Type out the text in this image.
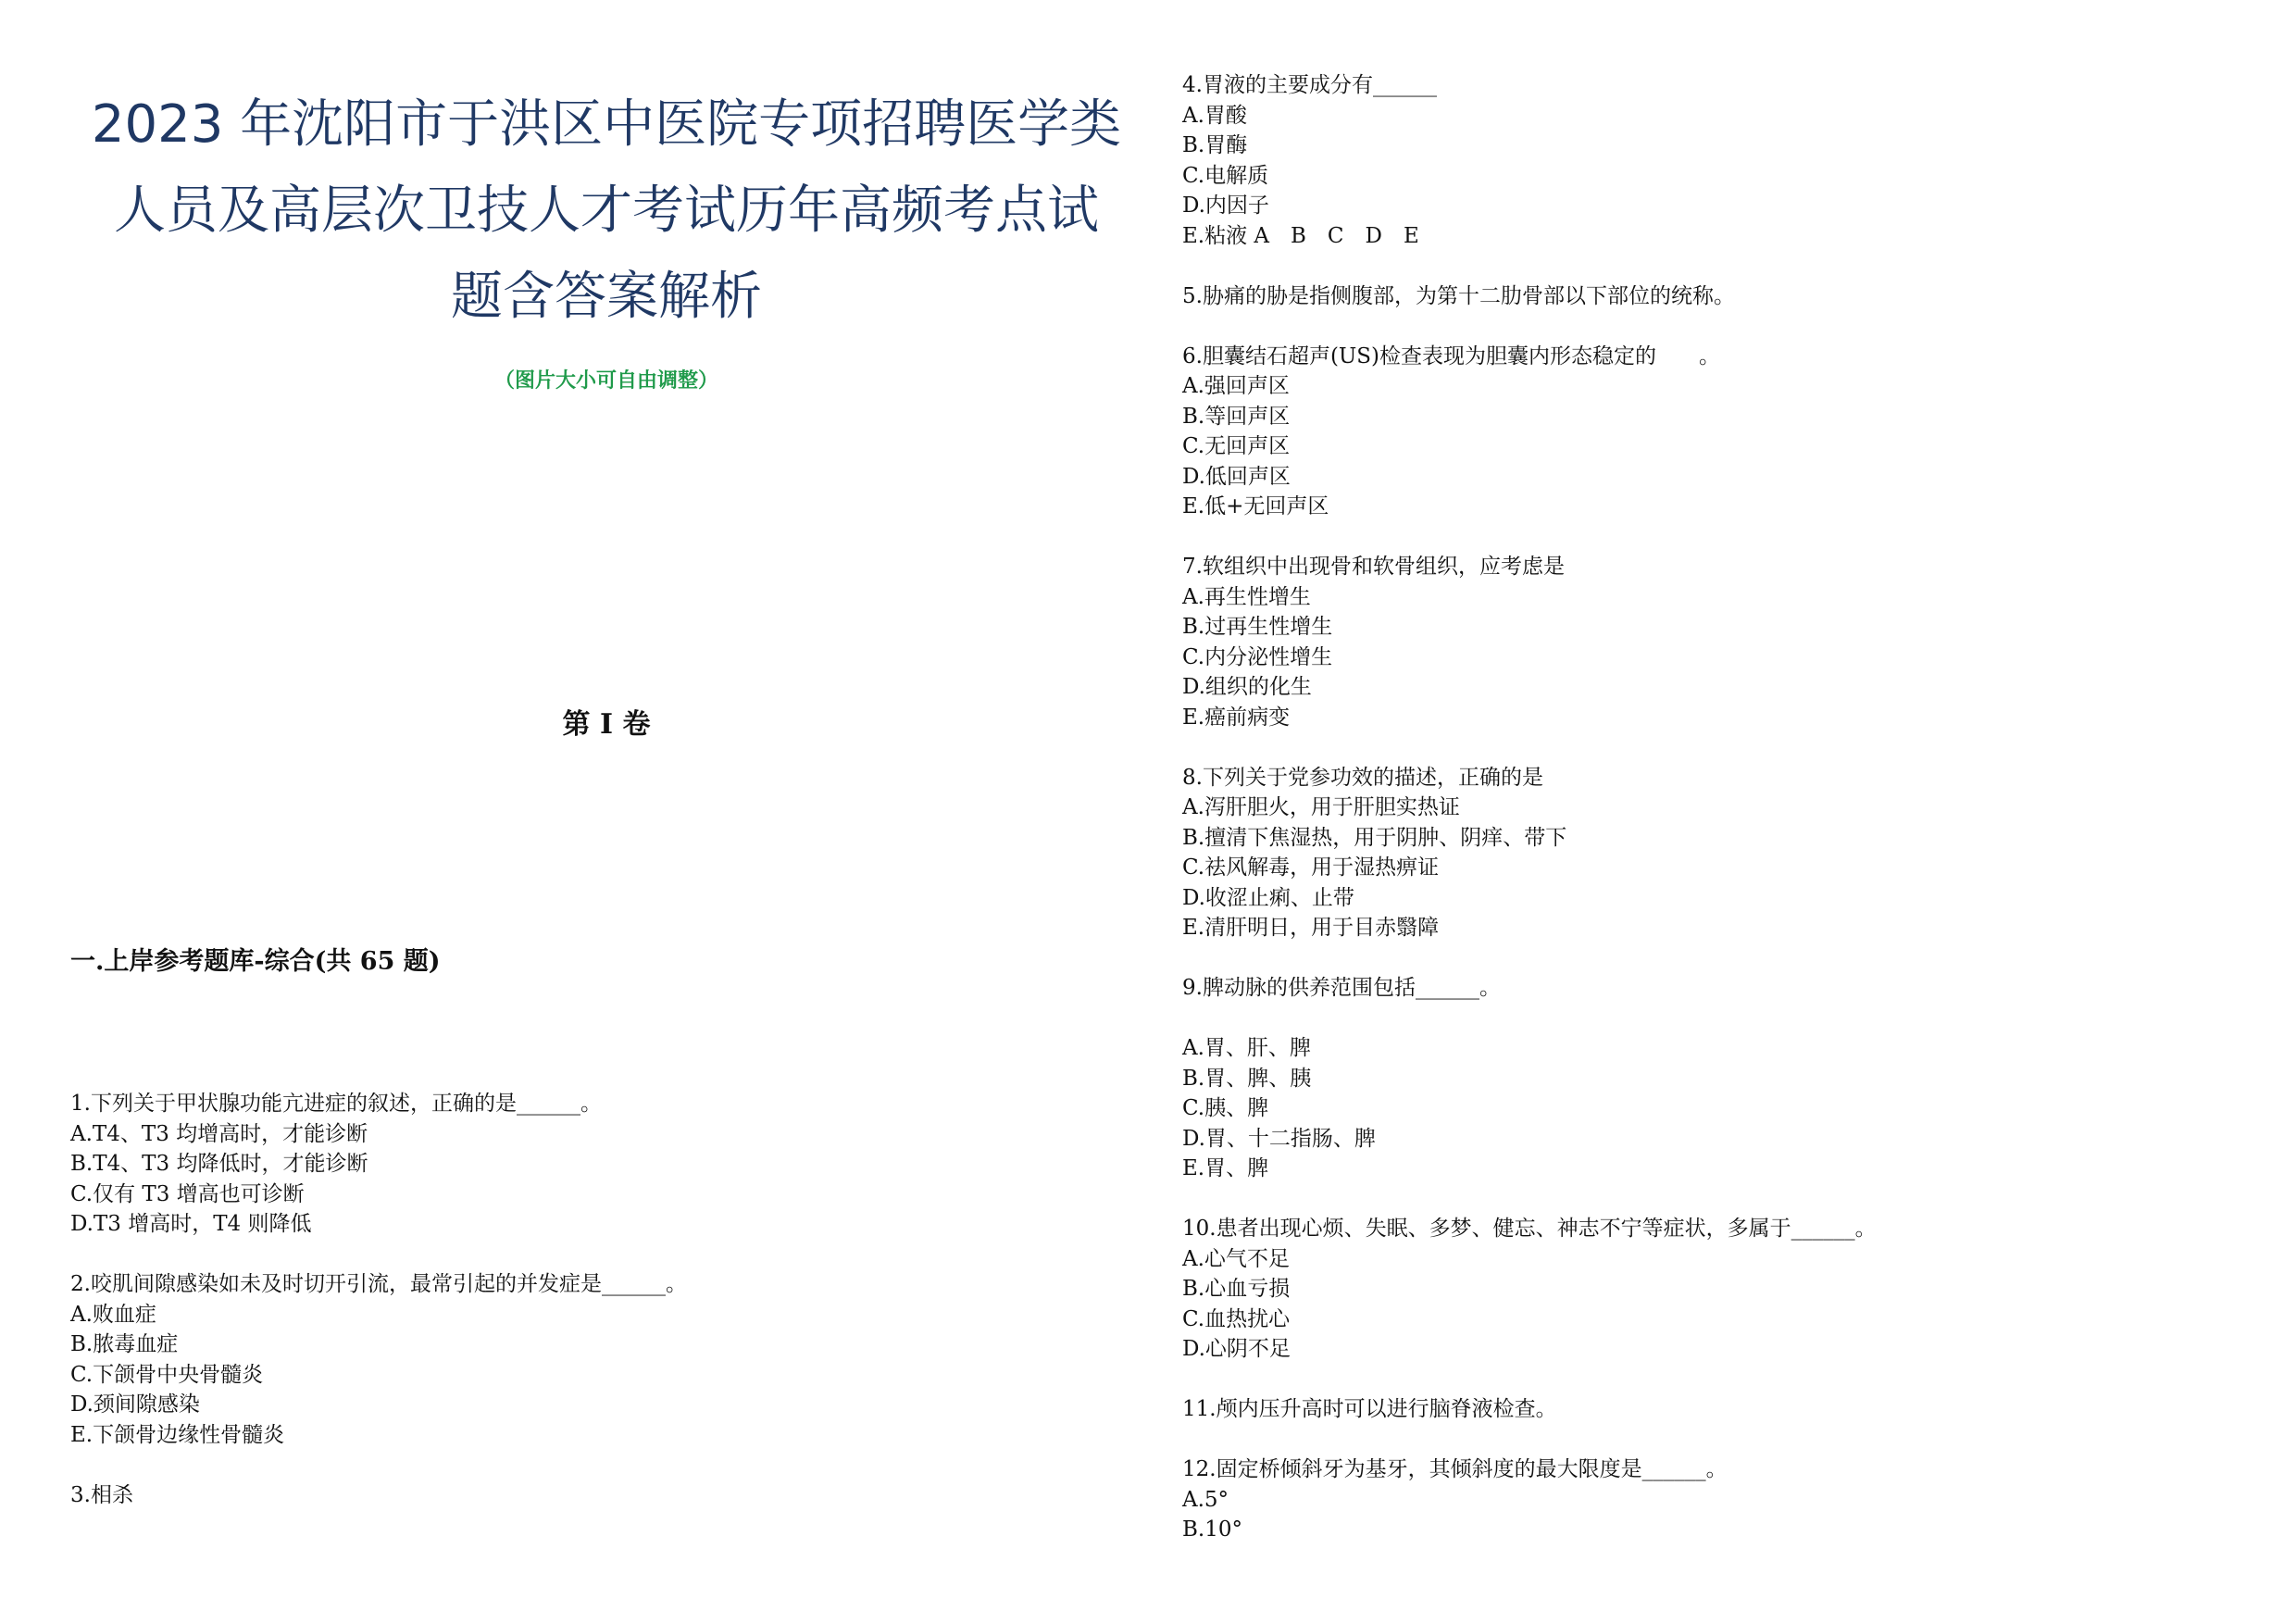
2023 年沈阳市于洪区中医院专项招聘医学类
人员及高层次卫技人才考试历年高频考点试
题含答案解析
（图片大小可自由调整）
第 I 卷
一.上岸参考题库-综合(共 65 题)
1.下列关于甲状腺功能亢进症的叙述，正确的是______。
A.T4、T3 均增高时，才能诊断
B.T4、T3 均降低时，才能诊断
C.仅有 T3 增高也可诊断
D.T3 增高时，T4 则降低
2.咬肌间隙感染如未及时切开引流，最常引起的并发症是______。
A.败血症
B.脓毒血症
C.下颌骨中央骨髓炎
D.颈间隙感染
E.下颌骨边缘性骨髓炎
3.相杀
4.胃液的主要成分有______
A.胃酸
B.胃酶
C.电解质
D.内因子
E.粘液 A　B　C　D　E
5.胁痛的胁是指侧腹部，为第十二肋骨部以下部位的统称。
6.胆囊结石超声(US)检查表现为胆囊内形态稳定的　　。
A.强回声区
B.等回声区
C.无回声区
D.低回声区
E.低+无回声区
7.软组织中出现骨和软骨组织，应考虑是
A.再生性增生
B.过再生性增生
C.内分泌性增生
D.组织的化生
E.癌前病变
8.下列关于党参功效的描述，正确的是
A.泻肝胆火，用于肝胆实热证
B.擅清下焦湿热，用于阴肿、阴痒、带下
C.祛风解毒，用于湿热痹证
D.收涩止痢、止带
E.清肝明日，用于目赤翳障
9.脾动脉的供养范围包括______。
A.胃、肝、脾
B.胃、脾、胰
C.胰、脾
D.胃、十二指肠、脾
E.胃、脾
10.患者出现心烦、失眠、多梦、健忘、神志不宁等症状，多属于______。
A.心气不足
B.心血亏损
C.血热扰心
D.心阴不足
11.颅内压升高时可以进行脑脊液检查。
12.固定桥倾斜牙为基牙，其倾斜度的最大限度是______。
A.5°
B.10°
